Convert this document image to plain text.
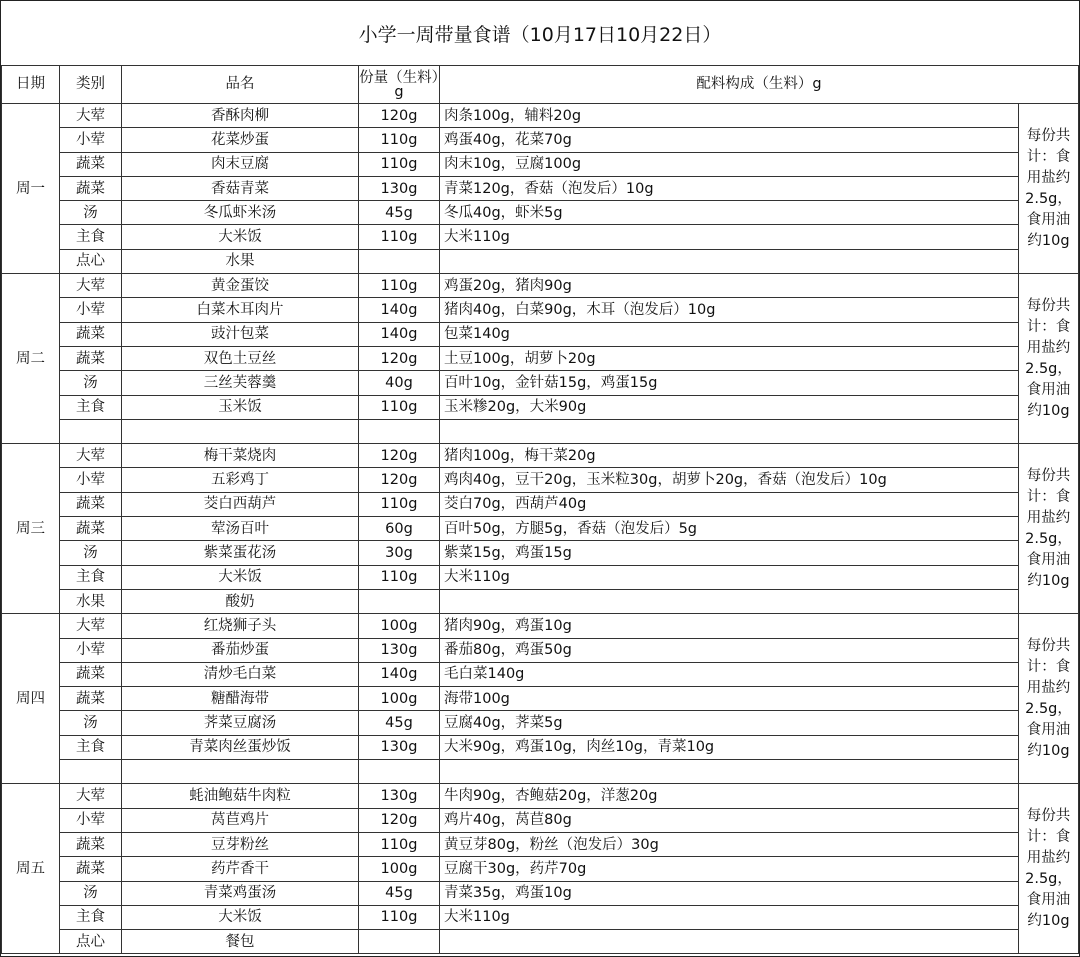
小学一周带量食谱（10月17日10月22日）
日期	类别	品名	份量（生料）g	配料构成（生料）g	
周一	大荤	香酥肉柳	120g	肉条100g，辅料20g	每份共计：食用盐约2.5g，食用油约10g
	小荤	花菜炒蛋	110g	鸡蛋40g，花菜70g	
	蔬菜	肉末豆腐	110g	肉末10g，豆腐100g	
	蔬菜	香菇青菜	130g	青菜120g，香菇（泡发后）10g	
	汤	冬瓜虾米汤	45g	冬瓜40g，虾米5g	
	主食	大米饭	110g	大米110g	
	点心	水果			
周二	大荤	黄金蛋饺	110g	鸡蛋20g，猪肉90g	每份共计：食用盐约2.5g，食用油约10g
	小荤	白菜木耳肉片	140g	猪肉40g，白菜90g，木耳（泡发后）10g	
	蔬菜	豉汁包菜	140g	包菜140g	
	蔬菜	双色土豆丝	120g	土豆100g，胡萝卜20g	
	汤	三丝芙蓉羹	40g	百叶10g，金针菇15g，鸡蛋15g	
	主食	玉米饭	110g	玉米糁20g，大米90g	

周三	大荤	梅干菜烧肉	120g	猪肉100g，梅干菜20g	每份共计：食用盐约2.5g，食用油约10g
	小荤	五彩鸡丁	120g	鸡肉40g，豆干20g，玉米粒30g，胡萝卜20g，香菇（泡发后）10g	
	蔬菜	茭白西葫芦	110g	茭白70g，西葫芦40g	
	蔬菜	荤汤百叶	60g	百叶50g，方腿5g，香菇（泡发后）5g	
	汤	紫菜蛋花汤	30g	紫菜15g，鸡蛋15g	
	主食	大米饭	110g	大米110g	
	水果	酸奶			
周四	大荤	红烧狮子头	100g	猪肉90g，鸡蛋10g	每份共计：食用盐约2.5g，食用油约10g
	小荤	番茄炒蛋	130g	番茄80g，鸡蛋50g	
	蔬菜	清炒毛白菜	140g	毛白菜140g	
	蔬菜	糖醋海带	100g	海带100g	
	汤	荠菜豆腐汤	45g	豆腐40g，荠菜5g	
	主食	青菜肉丝蛋炒饭	130g	大米90g，鸡蛋10g，肉丝10g，青菜10g	

周五	大荤	蚝油鲍菇牛肉粒	130g	牛肉90g，杏鲍菇20g，洋葱20g	每份共计：食用盐约2.5g，食用油约10g
	小荤	莴苣鸡片	120g	鸡片40g，莴苣80g	
	蔬菜	豆芽粉丝	110g	黄豆芽80g，粉丝（泡发后）30g	
	蔬菜	药芹香干	100g	豆腐干30g，药芹70g	
	汤	青菜鸡蛋汤	45g	青菜35g，鸡蛋10g	
	主食	大米饭	110g	大米110g	
	点心	餐包			
